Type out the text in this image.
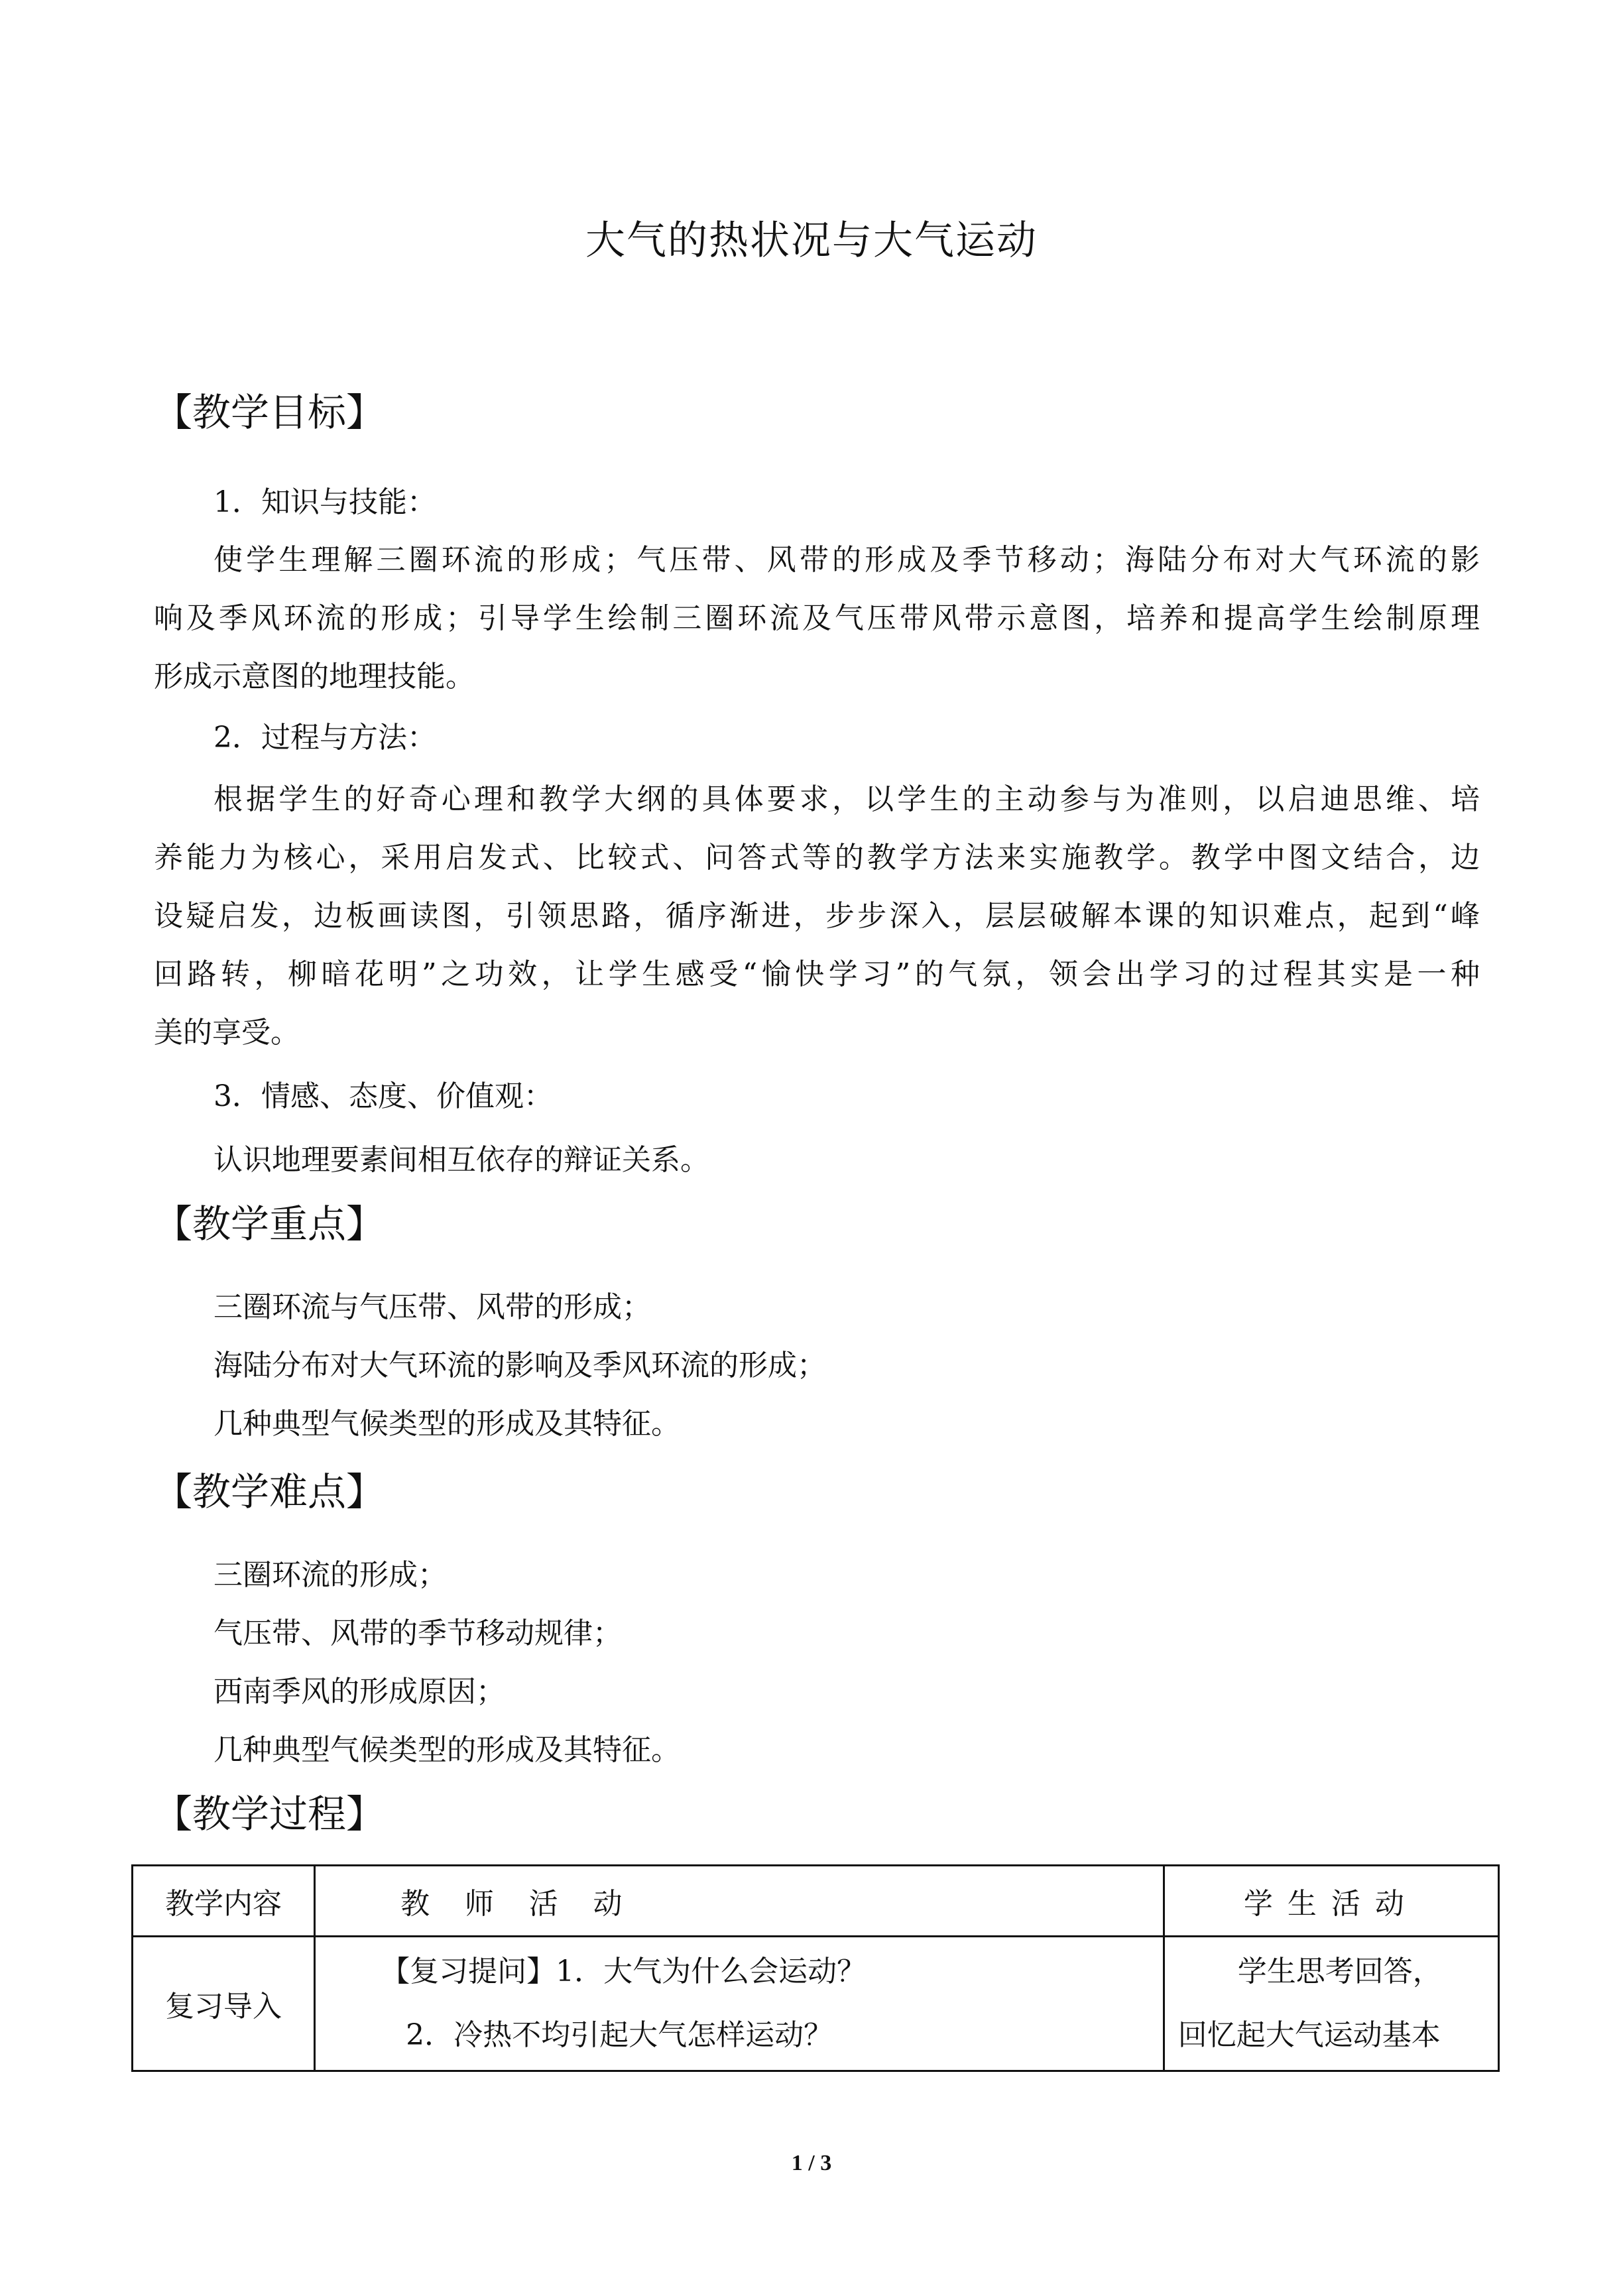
大气的热状况与大气运动
【教学目标】
1．知识与技能：
使学生理解三圈环流的形成；气压带、风带的形成及季节移动；海陆分布对大气环流的影
响及季风环流的形成；引导学生绘制三圈环流及气压带风带示意图，培养和提高学生绘制原理
形成示意图的地理技能。
2．过程与方法：
根据学生的好奇心理和教学大纲的具体要求，以学生的主动参与为准则，以启迪思维、培
养能力为核心，采用启发式、比较式、问答式等的教学方法来实施教学。教学中图文结合，边
设疑启发，边板画读图，引领思路，循序渐进，步步深入，层层破解本课的知识难点，起到“峰
回路转，柳暗花明”之功效，让学生感受“愉快学习”的气氛，领会出学习的过程其实是一种
美的享受。
3．情感、态度、价值观：
认识地理要素间相互依存的辩证关系。
【教学重点】
三圈环流与气压带、风带的形成；
海陆分布对大气环流的影响及季风环流的形成；
几种典型气候类型的形成及其特征。
【教学难点】
三圈环流的形成；
气压带、风带的季节移动规律；
西南季风的形成原因；
几种典型气候类型的形成及其特征。
【教学过程】
教学内容	教师活动	学生活动
复习导入	【复习提问】1．大气为什么会运动？
2．冷热不均引起大气怎样运动？	学生思考回答，
回忆起大气运动基本
1 / 3
